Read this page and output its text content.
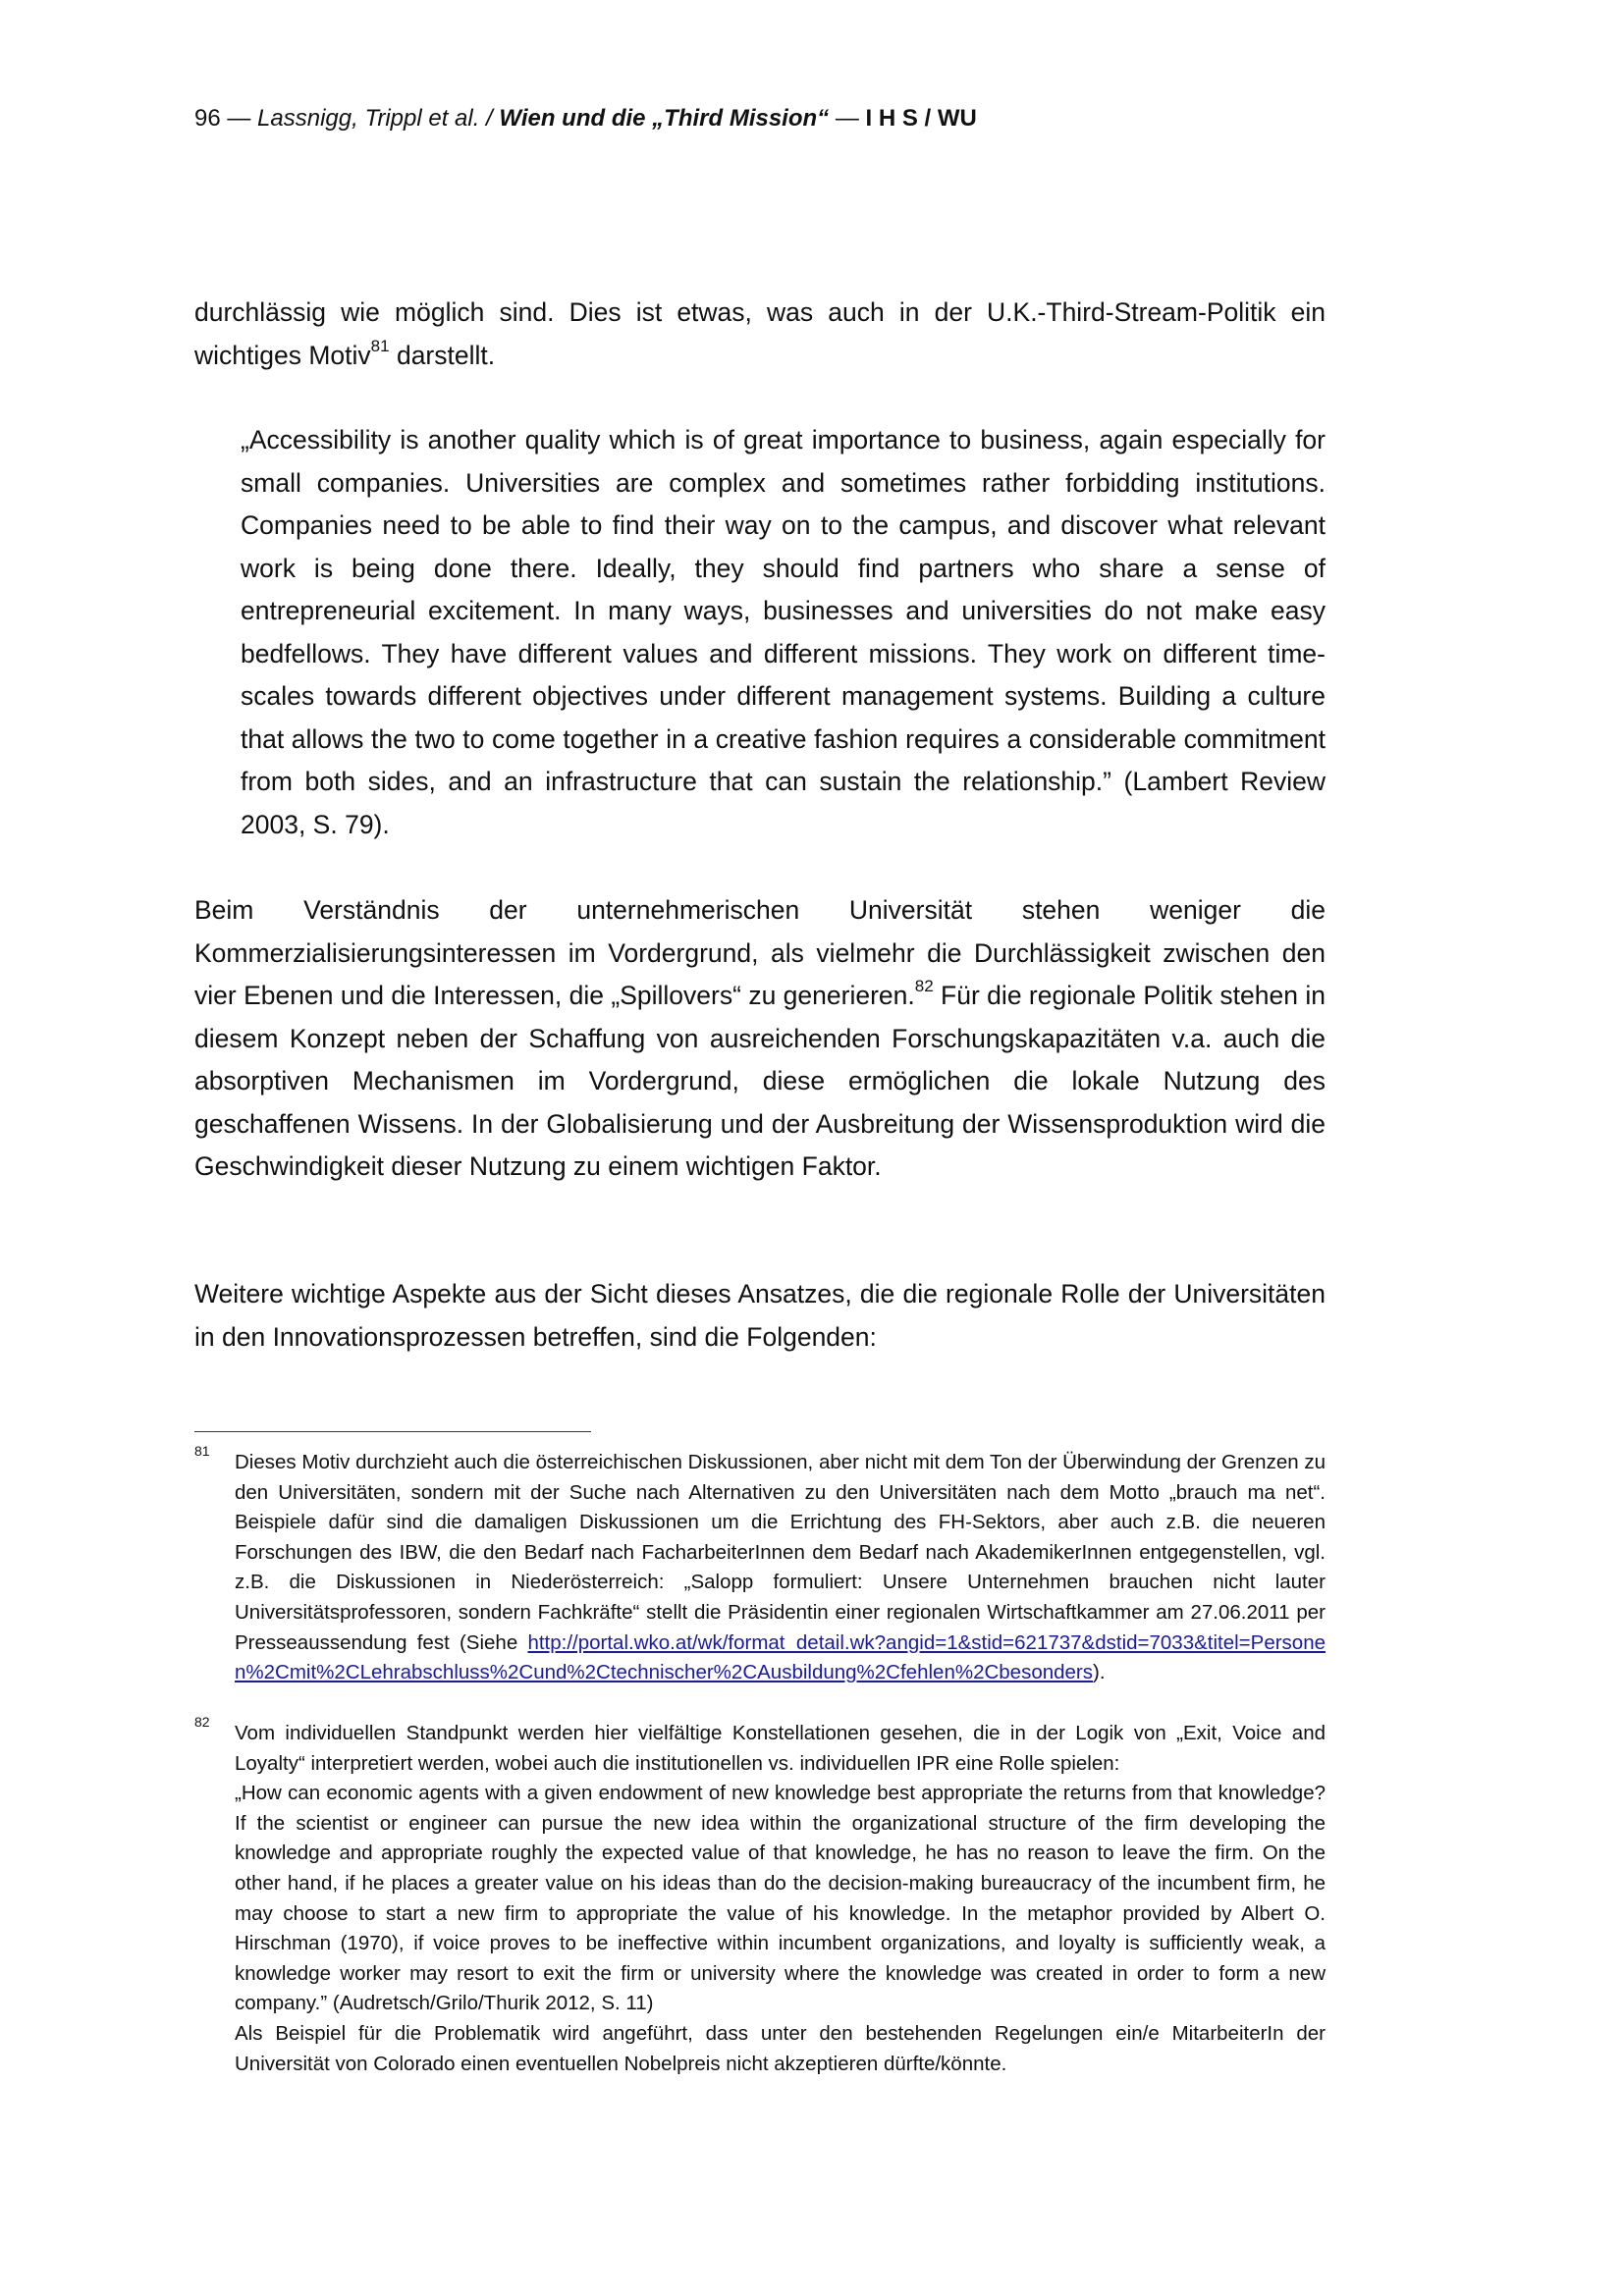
96 — Lassnigg, Trippl et al. / Wien und die „Third Mission“ — I H S / WU
durchlässig wie möglich sind. Dies ist etwas, was auch in der U.K.-Third-Stream-Politik ein wichtiges Motiv$^{81}$ darstellt.
„Accessibility is another quality which is of great importance to business, again especially for small companies. Universities are complex and sometimes rather forbidding institutions. Companies need to be able to find their way on to the campus, and discover what relevant work is being done there. Ideally, they should find partners who share a sense of entrepreneurial excitement. In many ways, businesses and universities do not make easy bedfellows. They have different values and different missions. They work on different time-scales towards different objectives under different management systems. Building a culture that allows the two to come together in a creative fashion requires a considerable commitment from both sides, and an infrastructure that can sustain the relationship.” (Lambert Review 2003, S. 79).
Beim Verständnis der unternehmerischen Universität stehen weniger die Kommerzialisierungsinteressen im Vordergrund, als vielmehr die Durchlässigkeit zwischen den vier Ebenen und die Interessen, die „Spillovers“ zu generieren.$^{82}$ Für die regionale Politik stehen in diesem Konzept neben der Schaffung von ausreichenden Forschungskapazitäten v.a. auch die absorptiven Mechanismen im Vordergrund, diese ermöglichen die lokale Nutzung des geschaffenen Wissens. In der Globalisierung und der Ausbreitung der Wissensproduktion wird die Geschwindigkeit dieser Nutzung zu einem wichtigen Faktor.
Weitere wichtige Aspekte aus der Sicht dieses Ansatzes, die die regionale Rolle der Universitäten in den Innovationsprozessen betreffen, sind die Folgenden:
81 Dieses Motiv durchzieht auch die österreichischen Diskussionen, aber nicht mit dem Ton der Überwindung der Grenzen zu den Universitäten, sondern mit der Suche nach Alternativen zu den Universitäten nach dem Motto „brauch ma net“. Beispiele dafür sind die damaligen Diskussionen um die Errichtung des FH-Sektors, aber auch z.B. die neueren Forschungen des IBW, die den Bedarf nach FacharbeiterInnen dem Bedarf nach AkademikerInnen entgegenstellen, vgl. z.B. die Diskussionen in Niederösterreich: „Salopp formuliert: Unsere Unternehmen brauchen nicht lauter Universitätsprofessoren, sondern Fachkräfte“ stellt die Präsidentin einer regionalen Wirtschaftkammer am 27.06.2011 per Presseaussendung fest (Siehe http://portal.wko.at/wk/format_detail.wk?angid=1&stid=621737&dstid=7033&titel=Personen%2Cmit%2CLehrabschluss%2Cund%2Ctechnischer%2CAusbildung%2Cfehlen%2Cbesonders).
82 Vom individuellen Standpunkt werden hier vielfältige Konstellationen gesehen, die in der Logik von „Exit, Voice and Loyalty“ interpretiert werden, wobei auch die institutionellen vs. individuellen IPR eine Rolle spielen:

„How can economic agents with a given endowment of new knowledge best appropriate the returns from that knowledge? If the scientist or engineer can pursue the new idea within the organizational structure of the firm developing the knowledge and appropriate roughly the expected value of that knowledge, he has no reason to leave the firm. On the other hand, if he places a greater value on his ideas than do the decision-making bureaucracy of the incumbent firm, he may choose to start a new firm to appropriate the value of his knowledge. In the metaphor provided by Albert O. Hirschman (1970), if voice proves to be ineffective within incumbent organizations, and loyalty is sufficiently weak, a knowledge worker may resort to exit the firm or university where the knowledge was created in order to form a new company.” (Audretsch/Grilo/Thurik 2012, S. 11)

Als Beispiel für die Problematik wird angeführt, dass unter den bestehenden Regelungen ein/e MitarbeiterIn der Universität von Colorado einen eventuellen Nobelpreis nicht akzeptieren dürfte/könnte.
